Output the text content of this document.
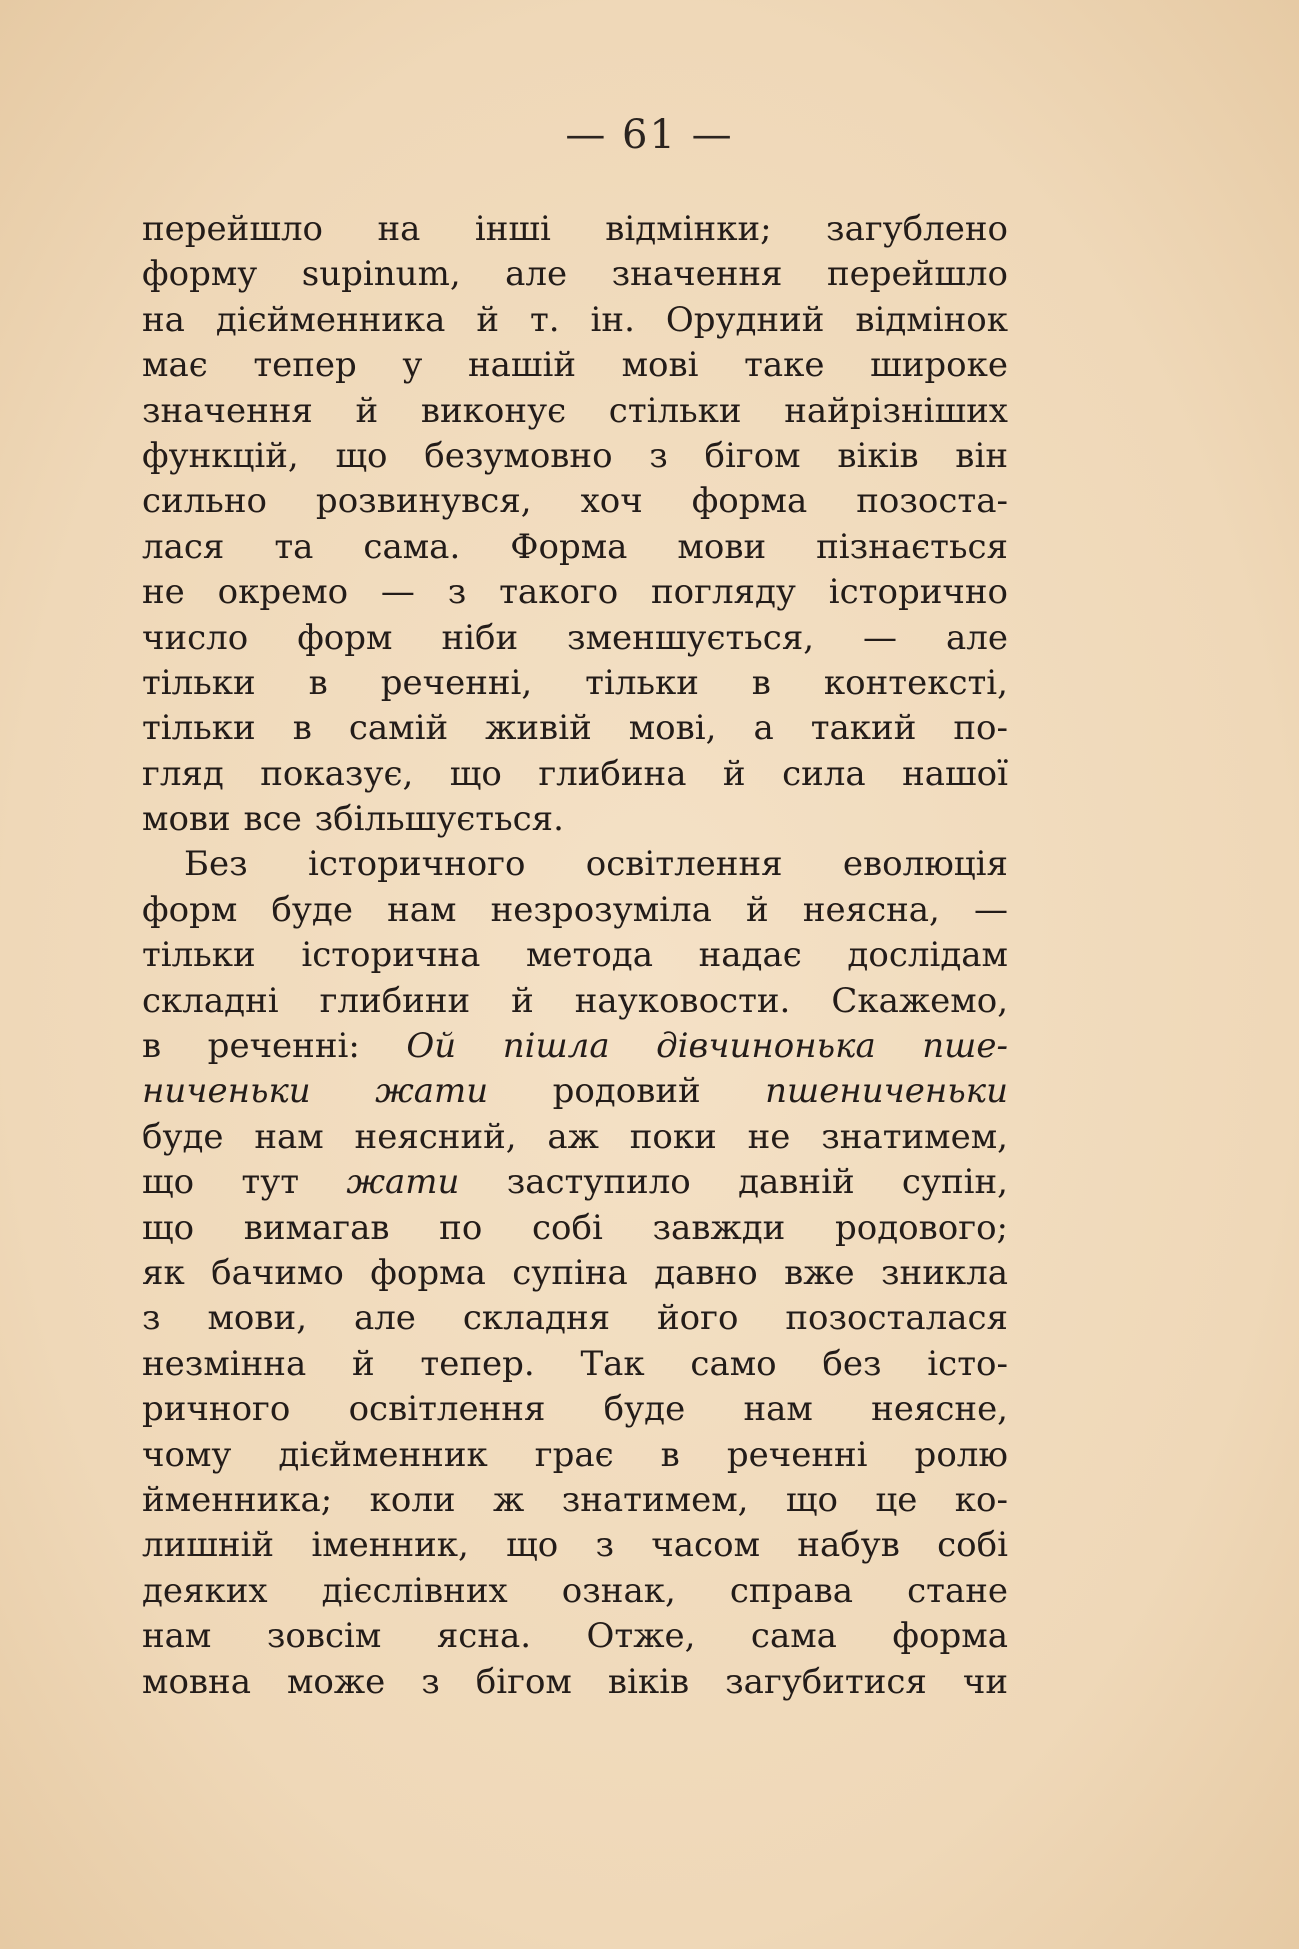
— 61 —
перейшло на інші відмінки; загублено
форму supinum, але значення перейшло
на дієйменника й т. ін. Орудний відмінок
має тепер у нашій мові таке широке
значення й виконує стільки найрізніших
функцій, що безумовно з бігом віків він
сильно розвинувся, хоч форма позоста-
лася та сама. Форма мови пізнається
не окремо — з такого погляду історично
число форм ніби зменшується, — але
тільки в реченні, тільки в контексті,
тільки в самій живій мові, а такий по-
гляд показує, що глибина й сила нашої
мови все збільшується.
Без історичного освітлення еволюція
форм буде нам незрозуміла й неясна, —
тільки історична метода надає дослідам
складні глибини й науковости. Скажемо,
в реченні: Ой пішла дівчинонька пше-
ниченьки жати родовий пшениченьки
буде нам неясний, аж поки не знатимем,
що тут жати заступило давній супін,
що вимагав по собі завжди родового;
як бачимо форма супіна давно вже зникла
з мови, але складня його позосталася
незмінна й тепер. Так само без істо-
ричного освітлення буде нам неясне,
чому дієйменник грає в реченні ролю
йменника; коли ж знатимем, що це ко-
лишній іменник, що з часом набув собі
деяких дієслівних ознак, справа стане
нам зовсім ясна. Отже, сама форма
мовна може з бігом віків загубитися чи
